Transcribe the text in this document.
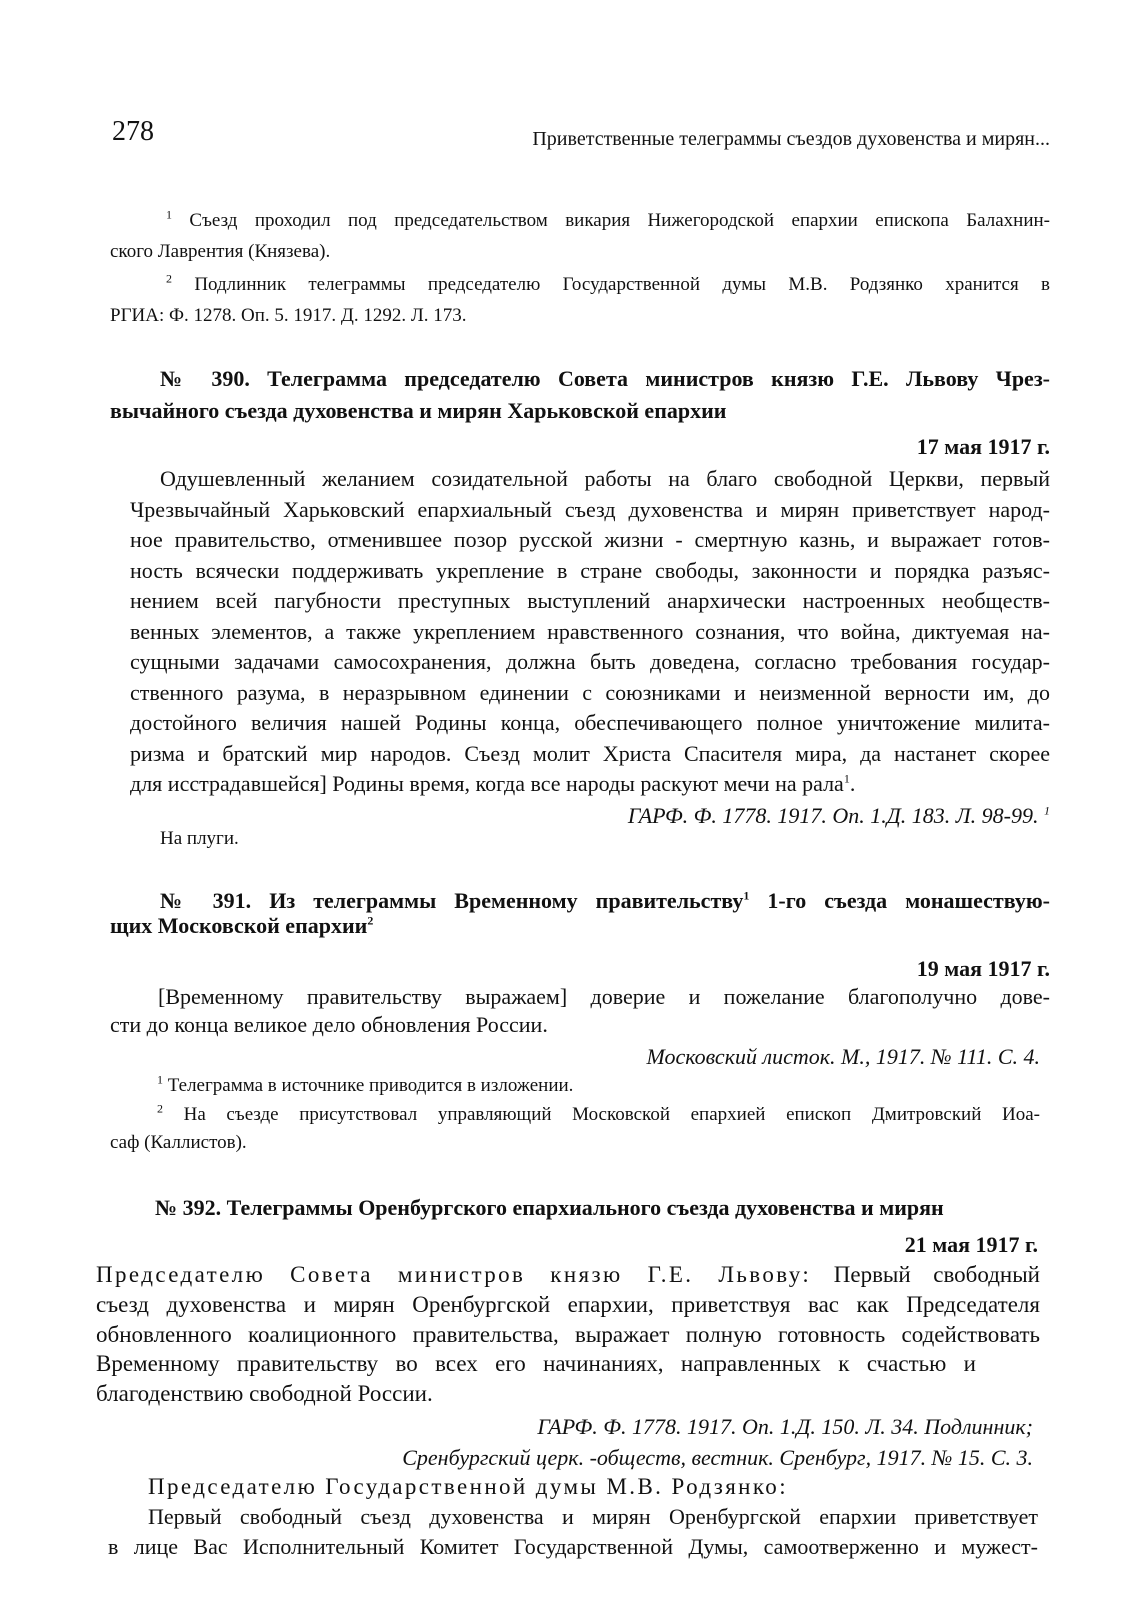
278	Приветственные телеграммы съездов духовенства и мирян...
$^1$ Съезд проходил под председательством викария Нижегородской епархии епископа Балахнин-
ского Лаврентия (Князева).
$^2$ Подлинник телеграммы председателю Государственной думы М.В. Родзянко хранится в
РГИА: Ф. 1278. Оп. 5. 1917. Д. 1292. Л. 173.
№ 390. Телеграмма председателю Совета министров князю Г.Е. Львову Чрез-
вычайного съезда духовенства и мирян Харьковской епархии
17 мая 1917 г.
Одушевленный желанием созидательной работы на благо свободной Церкви, первый
Чрезвычайный Харьковский епархиальный съезд духовенства и мирян приветствует народ-
ное правительство, отменившее позор русской жизни - смертную казнь, и выражает готов-
ность всячески поддерживать укрепление в стране свободы, законности и порядка разъяс-
нением всей пагубности преступных выступлений анархически настроенных необществ-
венных элементов, а также укреплением нравственного сознания, что война, диктуемая на-
сущными задачами самосохранения, должна быть доведена, согласно требования государ-
ственного разума, в неразрывном единении с союзниками и неизменной верности им, до
достойного величия нашей Родины конца, обеспечивающего полное уничтожение милита-
ризма и братский мир народов. Съезд молит Христа Спасителя мира, да настанет скорее
для исстрадавшейся] Родины время, когда все народы раскуют мечи на рала$^1$.
ГАРФ. Ф. 1778. 1917. Оп. 1.Д. 183. Л. 98-99. $^1$
На плуги.
№ 391. Из телеграммы Временному правительству$^1$ 1-го съезда монашествую-
щих Московской епархии$^2$
19 мая 1917 г.
[Временному правительству выражаем] доверие и пожелание благополучно дове-
сти до конца великое дело обновления России.
Московский листок. М., 1917. № 111. С. 4.
$^1$ Телеграмма в источнике приводится в изложении.
$^2$ На съезде присутствовал управляющий Московской епархией епископ Дмитровский Иоа-
саф (Каллистов).
№ 392. Телеграммы Оренбургского епархиального съезда духовенства и мирян
21 мая 1917 г.
Председателю Совета министров князю Г.Е. Львову: Первый свободный
съезд духовенства и мирян Оренбургской епархии, приветствуя вас как Председателя
обновленного коалиционного правительства, выражает полную готовность содействовать
Временному правительству во всех его начинаниях, направленных к счастью и
благоденствию свободной России.
ГАРФ. Ф. 1778. 1917. Оп. 1.Д. 150. Л. 34. Подлинник;
Сренбургский церк. -обществ, вестник. Сренбург, 1917. № 15. С. 3.
Председателю Государственной думы М.В. Родзянко:
Первый свободный съезд духовенства и мирян Оренбургской епархии приветствует
в лице Вас Исполнительный Комитет Государственной Думы, самоотверженно и мужест-
